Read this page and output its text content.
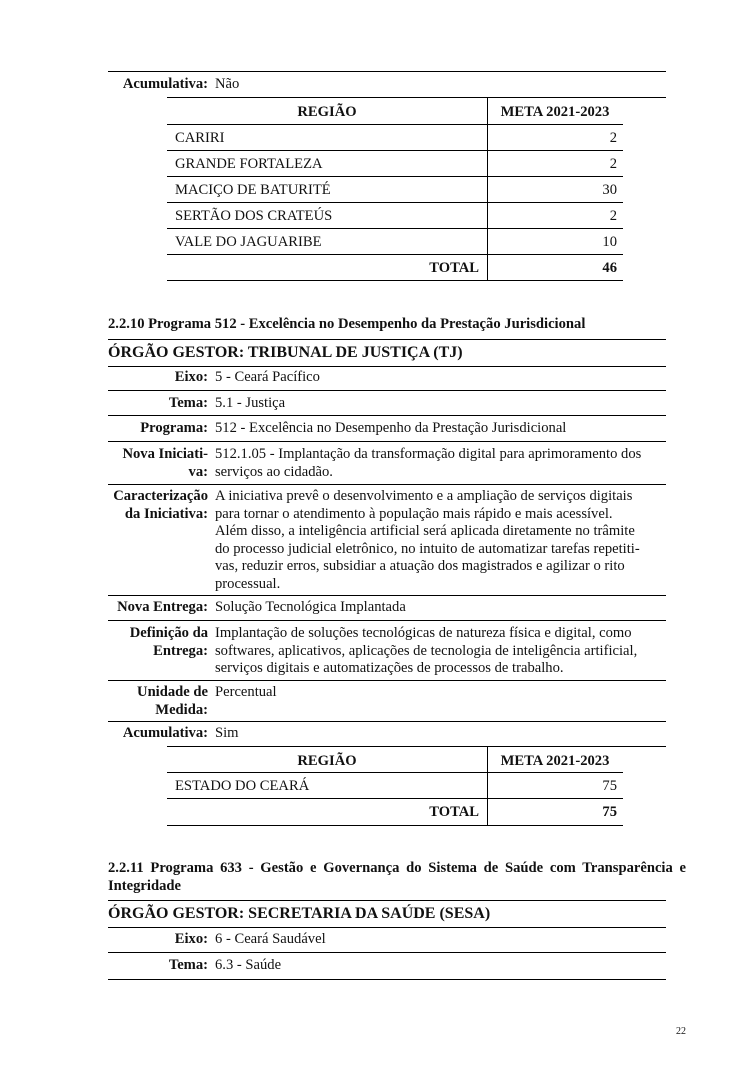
Acumulativa: Não
REGIÃO	META 2021-2023
CARIRI	2
GRANDE FORTALEZA	2
MACIÇO DE BATURITÉ	30
SERTÃO DOS CRATEÚS	2
VALE DO JAGUARIBE	10
TOTAL	46
2.2.10 Programa 512 - Excelência no Desempenho da Prestação Jurisdicional
ÓRGÃO GESTOR: TRIBUNAL DE JUSTIÇA (TJ)
Eixo: 5 - Ceará Pacífico
Tema: 5.1 - Justiça
Programa: 512 - Excelência no Desempenho da Prestação Jurisdicional
Nova Iniciati-
va:
512.1.05 - Implantação da transformação digital para aprimoramento dos
serviços ao cidadão.
Caracterização
da Iniciativa:
A iniciativa prevê o desenvolvimento e a ampliação de serviços digitais
para tornar o atendimento à população mais rápido e mais acessível.
Além disso, a inteligência artificial será aplicada diretamente no trâmite
do processo judicial eletrônico, no intuito de automatizar tarefas repetiti-
vas, reduzir erros, subsidiar a atuação dos magistrados e agilizar o rito
processual.
Nova Entrega: Solução Tecnológica Implantada
Definição da
Entrega:
Implantação de soluções tecnológicas de natureza física e digital, como
softwares, aplicativos, aplicações de tecnologia de inteligência artificial,
serviços digitais e automatizações de processos de trabalho.
Unidade de
Medida:
Percentual
Acumulativa: Sim
REGIÃO	META 2021-2023
ESTADO DO CEARÁ	75
TOTAL	75
2.2.11 Programa 633 - Gestão e Governança do Sistema de Saúde com Transparência e
Integridade
ÓRGÃO GESTOR: SECRETARIA DA SAÚDE (SESA)
Eixo: 6 - Ceará Saudável
Tema: 6.3 - Saúde
22
